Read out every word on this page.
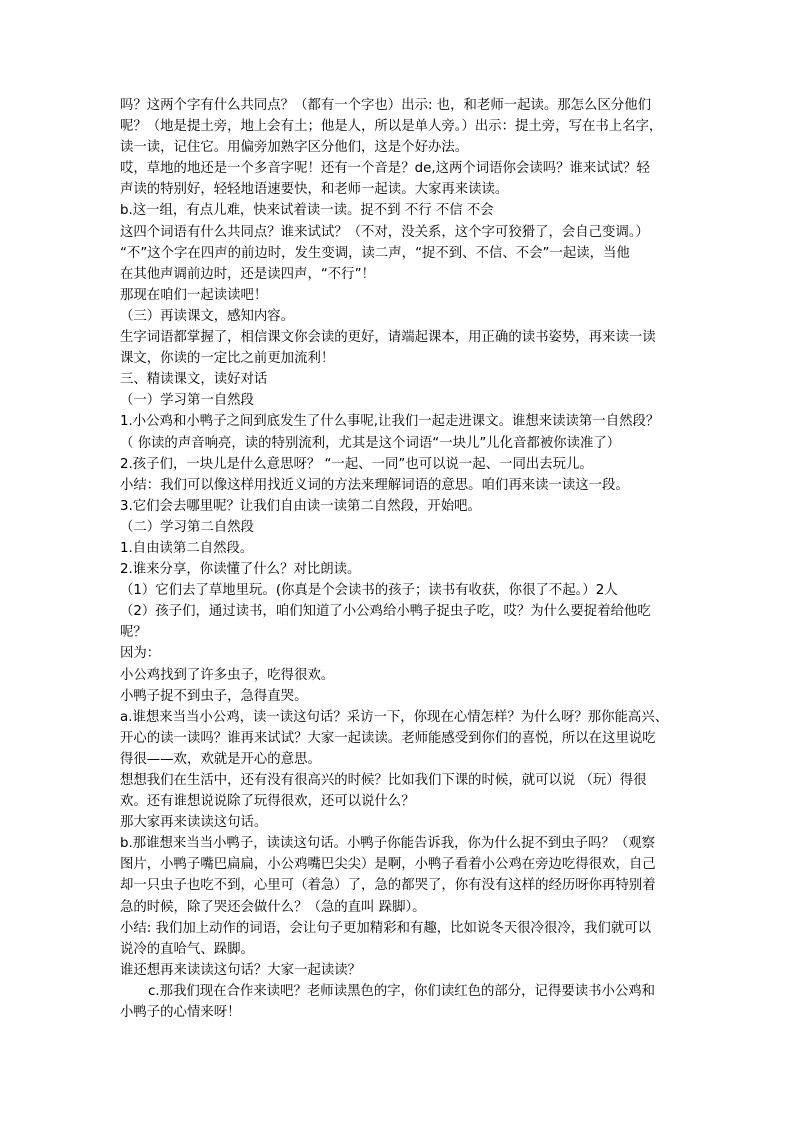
吗？这两个字有什么共同点？（都有一个字也）出示: 也，和老师一起读。那怎么区分他们
呢？（地是提土旁，地上会有土；他是人，所以是单人旁。）出示：提土旁，写在书上名字，
读一读，记住它。用偏旁加熟字区分他们，这是个好办法。
哎，草地的地还是一个多音字呢！还有一个音是？de,这两个词语你会读吗？谁来试试？轻
声读的特别好，轻轻地语速要快，和老师一起读。大家再来读读。
b.这一组，有点儿难，快来试着读一读。捉不到 不行 不信 不会
这四个词语有什么共同点？谁来试试？（不对，没关系，这个字可狡猾了，会自己变调。）
“不”这个字在四声的前边时，发生变调，读二声，“捉不到、不信、不会”一起读，当他
在其他声调前边时，还是读四声，“不行”！
那现在咱们一起读读吧！
（三）再读课文，感知内容。
生字词语都掌握了，相信课文你会读的更好，请端起课本，用正确的读书姿势，再来读一读
课文，你读的一定比之前更加流利！
三、精读课文，读好对话
（一）学习第一自然段
1.小公鸡和小鸭子之间到底发生了什么事呢,让我们一起走进课文。谁想来读读第一自然段？
（ 你读的声音响亮，读的特别流利，尤其是这个词语“一块儿”儿化音都被你读准了）
2.孩子们，一块儿是什么意思呀？ “一起、一同”也可以说一起、一同出去玩儿。
小结：我们可以像这样用找近义词的方法来理解词语的意思。咱们再来读一读这一段。
3.它们会去哪里呢？让我们自由读一读第二自然段，开始吧。
（二）学习第二自然段
1.自由读第二自然段。
2.谁来分享，你读懂了什么？对比朗读。
（1）它们去了草地里玩。(你真是个会读书的孩子；读书有收获，你很了不起。）2人
（2）孩子们，通过读书，咱们知道了小公鸡给小鸭子捉虫子吃，哎？为什么要捉着给他吃
呢？
因为：
小公鸡找到了许多虫子，吃得很欢。
小鸭子捉不到虫子，急得直哭。
a.谁想来当当小公鸡，读一读这句话？采访一下，你现在心情怎样？为什么呀？那你能高兴、
开心的读一读吗？谁再来试试？大家一起读读。老师能感受到你们的喜悦，所以在这里说吃
得很——欢，欢就是开心的意思。
想想我们在生活中，还有没有很高兴的时候？比如我们下课的时候，就可以说 （玩）得很
欢。还有谁想说说除了玩得很欢，还可以说什么？
那大家再来读读这句话。
b.那谁想来当当小鸭子，读读这句话。小鸭子你能告诉我，你为什么捉不到虫子吗？（观察
图片，小鸭子嘴巴扁扁，小公鸡嘴巴尖尖）是啊，小鸭子看着小公鸡在旁边吃得很欢，自己
却一只虫子也吃不到，心里可（着急）了，急的都哭了，你有没有这样的经历呀你再特别着
急的时候，除了哭还会做什么？（急的直叫 跺脚）。
小结: 我们加上动作的词语，会让句子更加精彩和有趣，比如说冬天很冷很冷，我们就可以
说冷的直哈气、跺脚。
谁还想再来读读这句话？大家一起读读？
c.那我们现在合作来读吧？老师读黑色的字，你们读红色的部分，记得要读书小公鸡和
小鸭子的心情来呀！
